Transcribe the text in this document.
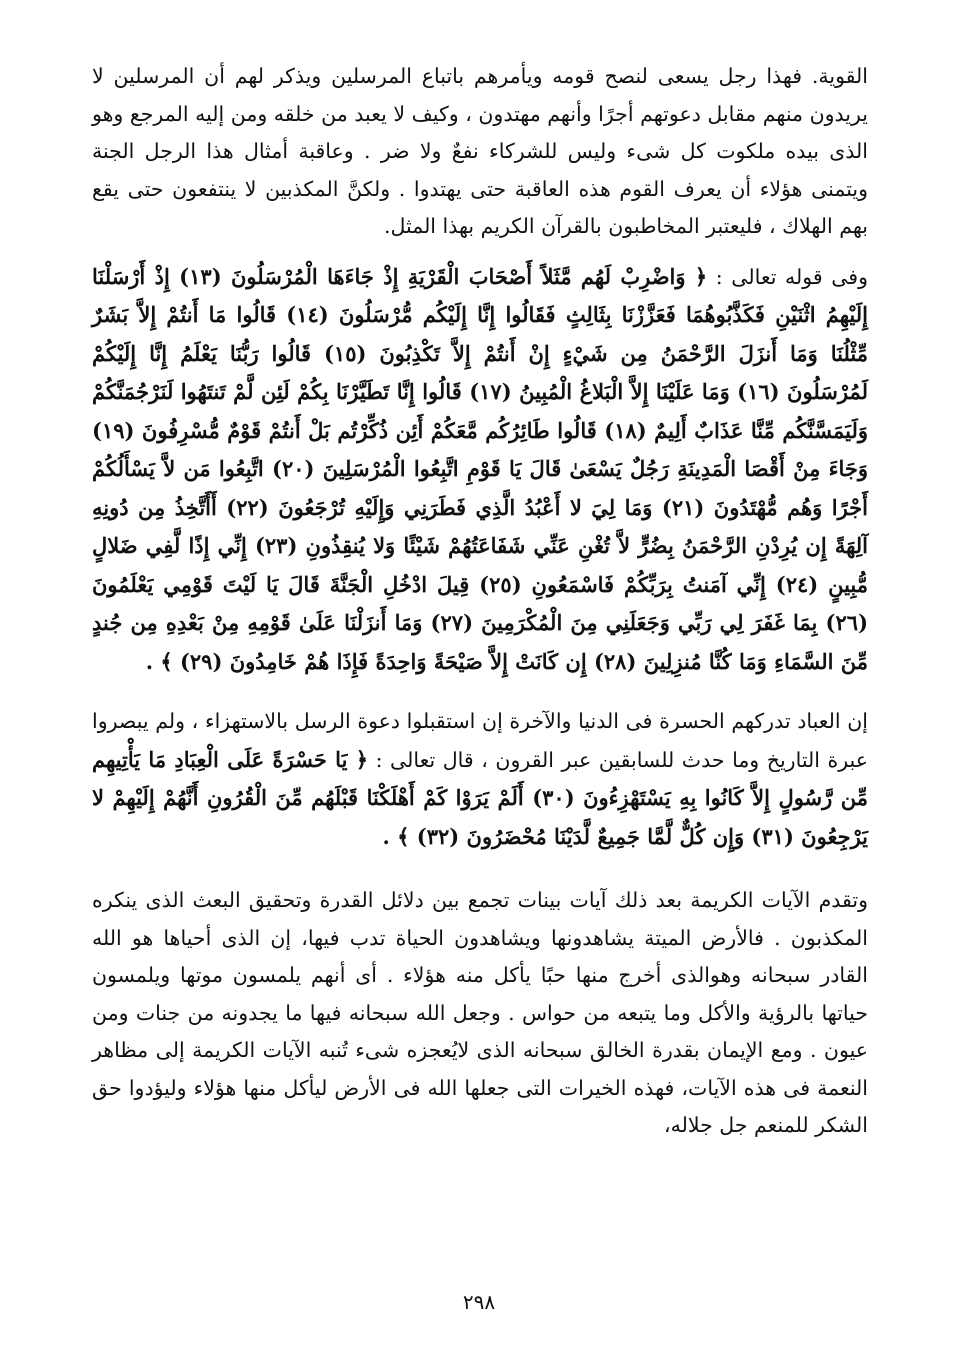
القوية. فهذا رجل يسعى لنصح قومه ويأمرهم باتباع المرسلين ويذكر لهم أن المرسلين لا يريدون منهم مقابل دعوتهم أجرًا وأنهم مهتدون ، وكيف لا يعبد من خلقه ومن إليه المرجع وهو الذى بيده ملكوت كل شىء وليس للشركاء نفعٌ ولا ضر . وعاقبة أمثال هذا الرجل الجنة ويتمنى هؤلاء أن يعرف القوم هذه العاقبة حتى يهتدوا . ولكنَّ المكذبين لا ينتفعون حتى يقع بهم الهلاك ، فليعتبر المخاطبون بالقرآن الكريم بهذا المثل.

وفى قوله تعالى : ﴿ وَاضْرِبْ لَهُم مَّثَلاً أَصْحَابَ الْقَرْيَةِ إِذْ جَاءَهَا الْمُرْسَلُونَ (١٣) إِذْ أَرْسَلْنَا إِلَيْهِمُ اثْنَيْنِ فَكَذَّبُوهُمَا فَعَزَّزْنَا بِثَالِثٍ فَقَالُوا إِنَّا إِلَيْكُم مُّرْسَلُونَ (١٤) قَالُوا مَا أَنتُمْ إِلاَّ بَشَرٌ مِّثْلُنَا وَمَا أَنزَلَ الرَّحْمَنُ مِن شَيْءٍ إِنْ أَنتُمْ إِلاَّ تَكْذِبُونَ (١٥) قَالُوا رَبُّنَا يَعْلَمُ إِنَّا إِلَيْكُمْ لَمُرْسَلُونَ (١٦) وَمَا عَلَيْنَا إِلاَّ الْبَلاغُ الْمُبِينُ (١٧) قَالُوا إِنَّا تَطَيَّرْنَا بِكُمْ لَئِن لَّمْ تَنتَهُوا لَنَرْجُمَنَّكُمْ وَلَيَمَسَّنَّكُم مِّنَّا عَذَابٌ أَلِيمٌ (١٨) قَالُوا طَائِرُكُم مَّعَكُمْ أَئِن ذُكِّرْتُم بَلْ أَنتُمْ قَوْمٌ مُّسْرِفُونَ (١٩) وَجَاءَ مِنْ أَقْصَا الْمَدِينَةِ رَجُلٌ يَسْعَىٰ قَالَ يَا قَوْمِ اتَّبِعُوا الْمُرْسَلِينَ (٢٠) اتَّبِعُوا مَن لاَّ يَسْأَلُكُمْ أَجْرًا وَهُم مُّهْتَدُونَ (٢١) وَمَا لِيَ لا أَعْبُدُ الَّذِي فَطَرَنِي وَإِلَيْهِ تُرْجَعُونَ (٢٢) أَأَتَّخِذُ مِن دُونِهِ آلِهَةً إِن يُرِدْنِ الرَّحْمَنُ بِضُرٍّ لاَّ تُغْنِ عَنِّي شَفَاعَتُهُمْ شَيْئًا وَلا يُنقِذُونِ (٢٣) إِنِّي إِذًا لَّفِي ضَلالٍ مُّبِينٍ (٢٤) إِنِّي آمَنتُ بِرَبِّكُمْ فَاسْمَعُونِ (٢٥) قِيلَ ادْخُلِ الْجَنَّةَ قَالَ يَا لَيْتَ قَوْمِي يَعْلَمُونَ (٢٦) بِمَا غَفَرَ لِي رَبِّي وَجَعَلَنِي مِنَ الْمُكْرَمِينَ (٢٧) وَمَا أَنزَلْنَا عَلَىٰ قَوْمِهِ مِنْ بَعْدِهِ مِن جُندٍ مِّنَ السَّمَاءِ وَمَا كُنَّا مُنزِلِينَ (٢٨) إِن كَانَتْ إِلاَّ صَيْحَةً وَاحِدَةً فَإِذَا هُمْ خَامِدُونَ (٢٩) ﴾ .

إن العباد تدركهم الحسرة فى الدنيا والآخرة إن استقبلوا دعوة الرسل بالاستهزاء ، ولم يبصروا عبرة التاريخ وما حدث للسابقين عبر القرون ، قال تعالى : ﴿ يَا حَسْرَةً عَلَى الْعِبَادِ مَا يَأْتِيهِم مِّن رَّسُولٍ إِلاَّ كَانُوا بِهِ يَسْتَهْزِءُونَ (٣٠) أَلَمْ يَرَوْا كَمْ أَهْلَكْنَا قَبْلَهُم مِّنَ الْقُرُونِ أَنَّهُمْ إِلَيْهِمْ لا يَرْجِعُونَ (٣١) وَإِن كُلٌّ لَّمَّا جَمِيعٌ لَّدَيْنَا مُحْضَرُونَ (٣٢) ﴾ .

وتقدم الآيات الكريمة بعد ذلك آيات بينات تجمع بين دلائل القدرة وتحقيق البعث الذى ينكره المكذبون . فالأرض الميتة يشاهدونها ويشاهدون الحياة تدب فيها، إن الذى أحياها هو الله القادر سبحانه وهوالذى أخرج منها حبًا يأكل منه هؤلاء . أى أنهم يلمسون موتها ويلمسون حياتها بالرؤية والأكل وما يتبعه من حواس . وجعل الله سبحانه فيها ما يجدونه من جنات ومن عيون . ومع الإيمان بقدرة الخالق سبحانه الذى لايُعجزه شىء تُنبه الآيات الكريمة إلى مظاهر النعمة فى هذه الآيات، فهذه الخيرات التى جعلها الله فى الأرض ليأكل منها هؤلاء وليؤدوا حق الشكر للمنعم جل جلاله،

٢٩٨
